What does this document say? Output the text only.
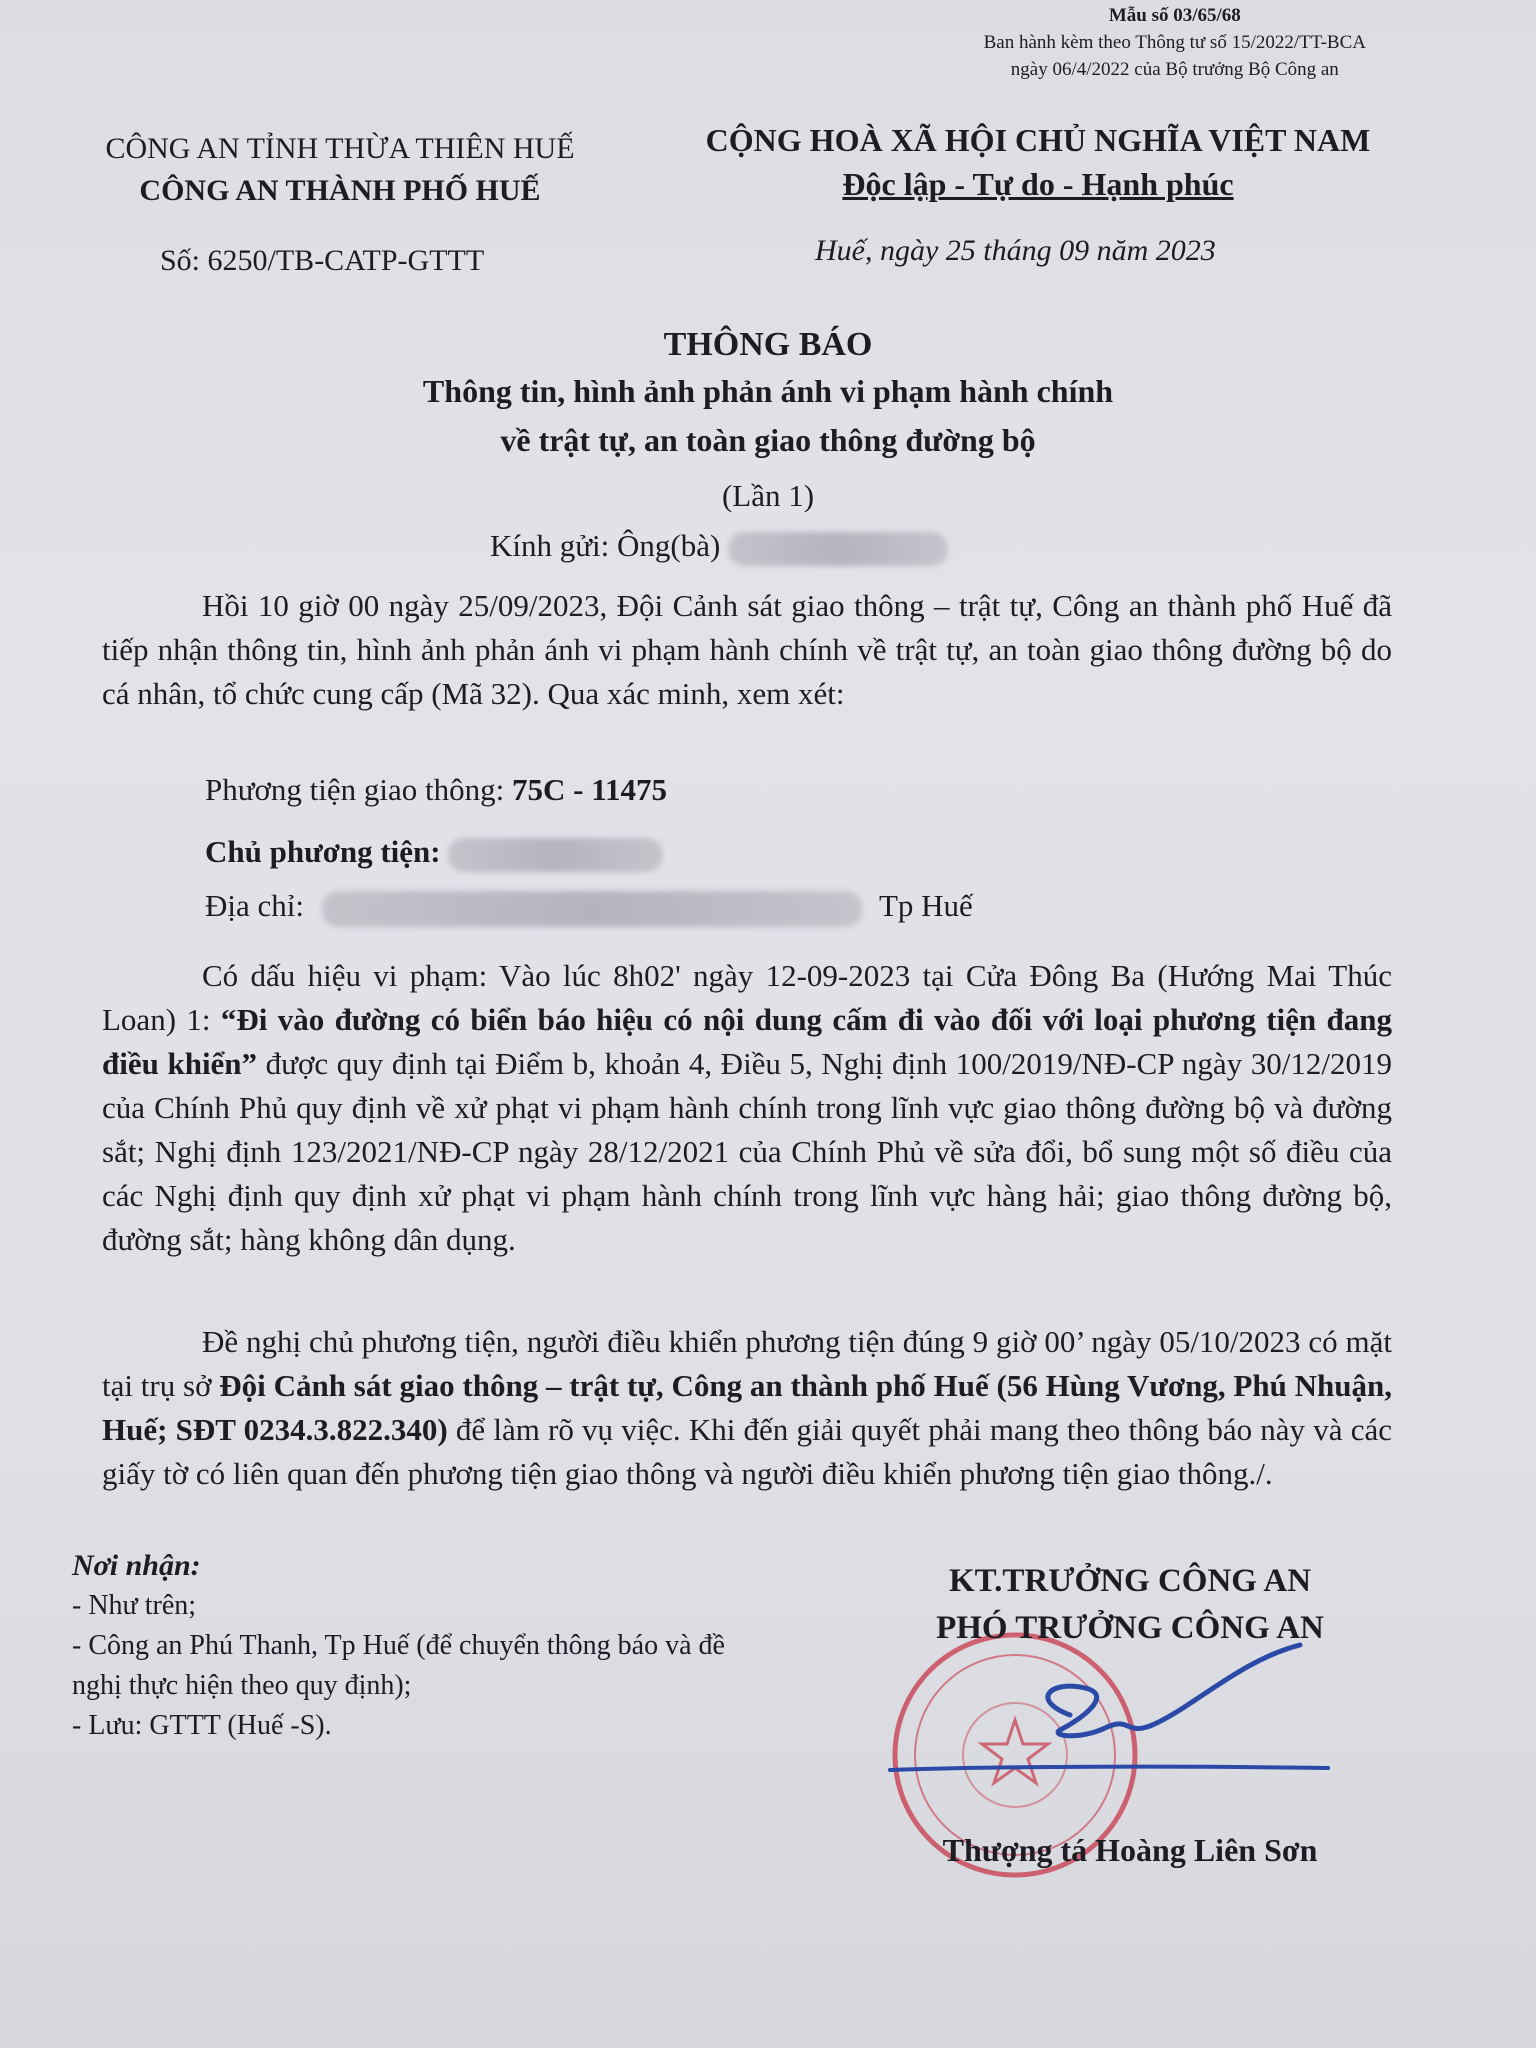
Mẫu số 03/65/68
Ban hành kèm theo Thông tư số 15/2022/TT-BCA
ngày 06/4/2022 của Bộ trưởng Bộ Công an
CÔNG AN TỈNH THỪA THIÊN HUẾ
CÔNG AN THÀNH PHỐ HUẾ
CỘNG HOÀ XÃ HỘI CHỦ NGHĨA VIỆT NAM
Độc lập - Tự do - Hạnh phúc
Số: 6250/TB-CATP-GTTT	Huế, ngày 25 tháng 09 năm 2023
THÔNG BÁO
Thông tin, hình ảnh phản ánh vi phạm hành chính
về trật tự, an toàn giao thông đường bộ
(Lần 1)
Kính gửi: Ông(bà)
Hồi 10 giờ 00 ngày 25/09/2023, Đội Cảnh sát giao thông – trật tự, Công an thành phố Huế đã tiếp nhận thông tin, hình ảnh phản ánh vi phạm hành chính về trật tự, an toàn giao thông đường bộ do cá nhân, tổ chức cung cấp (Mã 32). Qua xác minh, xem xét:
Phương tiện giao thông: 75C - 11475
Chủ phương tiện:
Địa chỉ:	Tp Huế
Có dấu hiệu vi phạm: Vào lúc 8h02' ngày 12-09-2023 tại Cửa Đông Ba (Hướng Mai Thúc Loan) 1: “Đi vào đường có biển báo hiệu có nội dung cấm đi vào đối với loại phương tiện đang điều khiển” được quy định tại Điểm b, khoản 4, Điều 5, Nghị định 100/2019/NĐ-CP ngày 30/12/2019 của Chính Phủ quy định về xử phạt vi phạm hành chính trong lĩnh vực giao thông đường bộ và đường sắt; Nghị định 123/2021/NĐ-CP ngày 28/12/2021 của Chính Phủ về sửa đổi, bổ sung một số điều của các Nghị định quy định xử phạt vi phạm hành chính trong lĩnh vực hàng hải; giao thông đường bộ, đường sắt; hàng không dân dụng.
Đề nghị chủ phương tiện, người điều khiển phương tiện đúng 9 giờ 00’ ngày 05/10/2023 có mặt tại trụ sở Đội Cảnh sát giao thông – trật tự, Công an thành phố Huế (56 Hùng Vương, Phú Nhuận, Huế; SĐT 0234.3.822.340) để làm rõ vụ việc. Khi đến giải quyết phải mang theo thông báo này và các giấy tờ có liên quan đến phương tiện giao thông và người điều khiển phương tiện giao thông./.
Nơi nhận:
- Như trên;
- Công an Phú Thanh, Tp Huế (để chuyển thông báo và đề nghị thực hiện theo quy định);
- Lưu: GTTT (Huế -S).
KT.TRƯỞNG CÔNG AN
PHÓ TRƯỞNG CÔNG AN
Thượng tá Hoàng Liên Sơn
